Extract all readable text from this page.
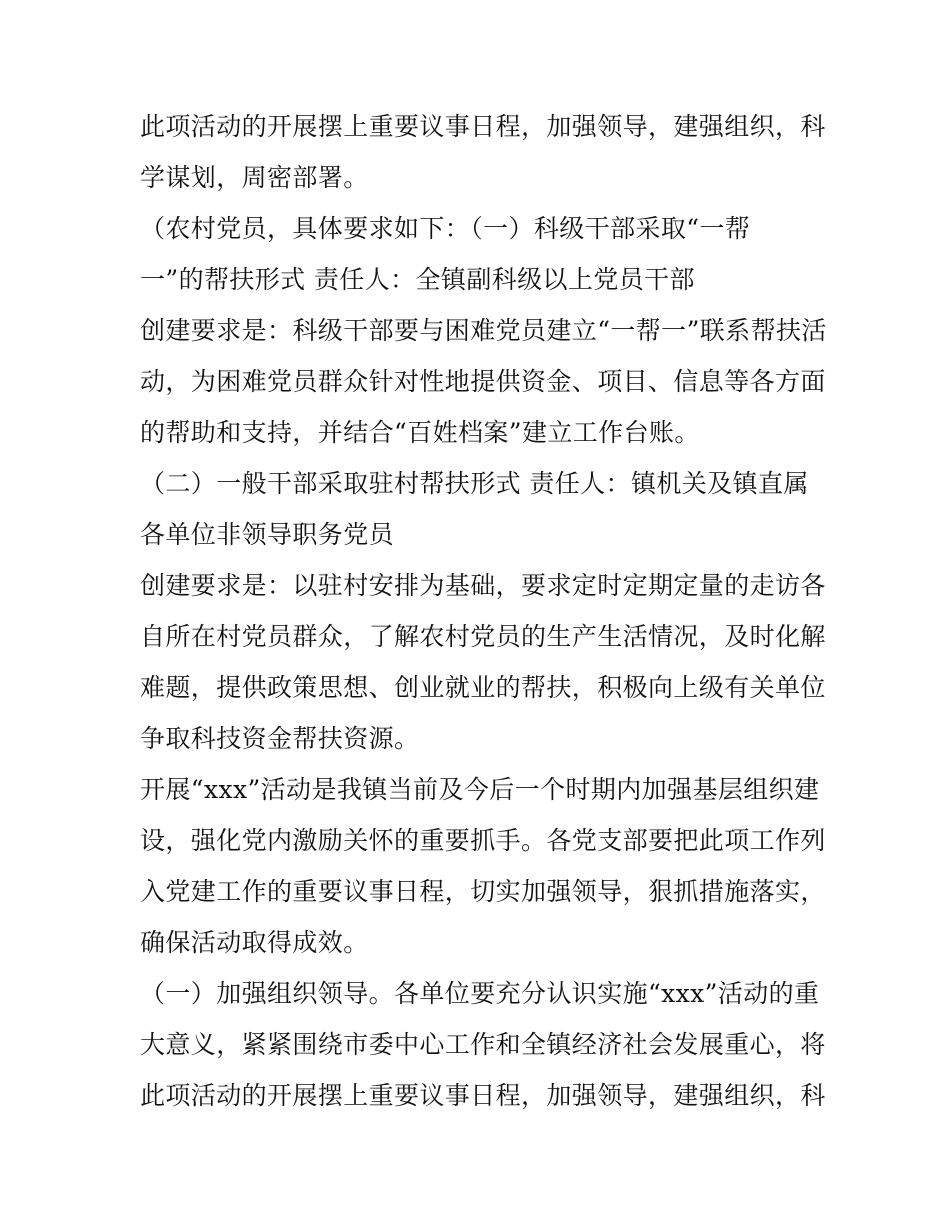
此项活动的开展摆上重要议事日程，加强领导，建强组织，科
学谋划，周密部署。
（农村党员，具体要求如下：（一）科级干部采取“一帮
一”的帮扶形式 责任人：全镇副科级以上党员干部
创建要求是：科级干部要与困难党员建立“一帮一”联系帮扶活
动，为困难党员群众针对性地提供资金、项目、信息等各方面
的帮助和支持，并结合“百姓档案”建立工作台账。
（二）一般干部采取驻村帮扶形式 责任人：镇机关及镇直属
各单位非领导职务党员
创建要求是：以驻村安排为基础，要求定时定期定量的走访各
自所在村党员群众，了解农村党员的生产生活情况，及时化解
难题，提供政策思想、创业就业的帮扶，积极向上级有关单位
争取科技资金帮扶资源。
开展“xxx”活动是我镇当前及今后一个时期内加强基层组织建
设，强化党内激励关怀的重要抓手。各党支部要把此项工作列
入党建工作的重要议事日程，切实加强领导，狠抓措施落实，
确保活动取得成效。
（一）加强组织领导。各单位要充分认识实施“xxx”活动的重
大意义，紧紧围绕市委中心工作和全镇经济社会发展重心，将
此项活动的开展摆上重要议事日程，加强领导，建强组织，科
